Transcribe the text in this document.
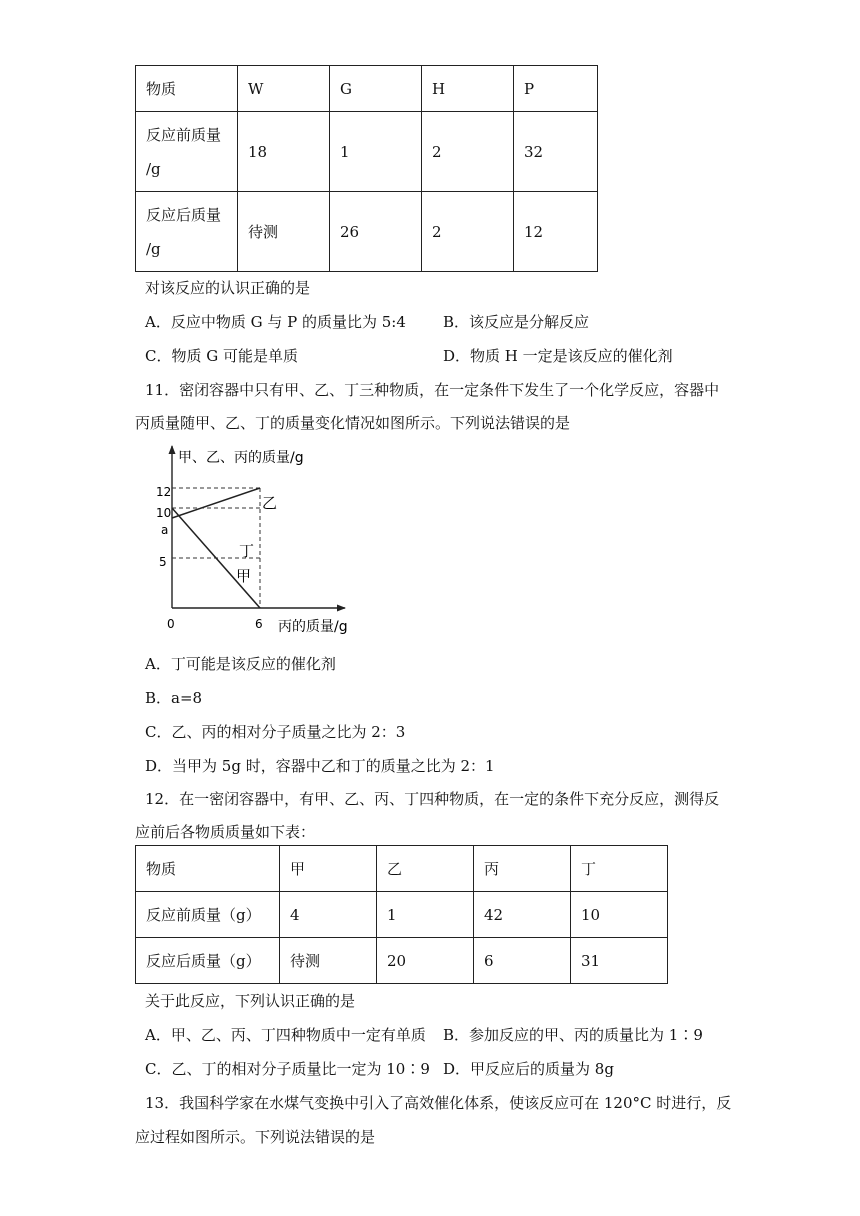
物质	W	G	H	P
反应前质量
/g	18	1	2	32
反应后质量
/g	待测	26	2	12
对该反应的认识正确的是
A．反应中物质 G 与 P 的质量比为 5:4 B．该反应是分解反应
C．物质 G 可能是单质	D．物质 H 一定是该反应的催化剂
11．密闭容器中只有甲、乙、丁三种物质，在一定条件下发生了一个化学反应，容器中
丙质量随甲、乙、丁的质量变化情况如图所示。下列说法错误的是
甲、乙、丙的质量/g
丙的质量/g
0	6
12
10
a
5
乙
丁
甲
A．丁可能是该反应的催化剂
B．a=8
C．乙、丙的相对分子质量之比为 2：3
D．当甲为 5g 时，容器中乙和丁的质量之比为 2：1
12．在一密闭容器中，有甲、乙、丙、丁四种物质，在一定的条件下充分反应，测得反
应前后各物质质量如下表：
物质	甲	乙	丙	丁
反应前质量（g）	4	1	42	10
反应后质量（g）	待测	20	6	31
关于此反应，下列认识正确的是
A．甲、乙、丙、丁四种物质中一定有单质 B．参加反应的甲、丙的质量比为 1∶9
C．乙、丁的相对分子质量比一定为 10∶9 D．甲反应后的质量为 8g
13．我国科学家在水煤气变换中引入了高效催化体系，使该反应可在 120°C 时进行，反
应过程如图所示。下列说法错误的是
